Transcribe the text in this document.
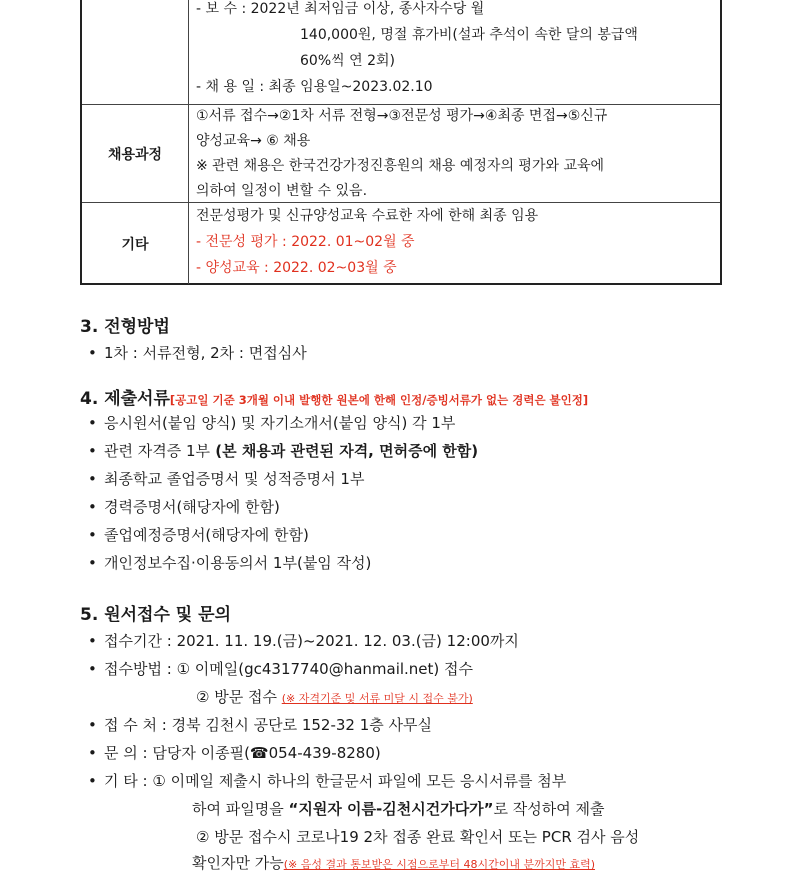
- 보 수 : 2022년 최저임금 이상, 종사자수당 월
140,000원, 명절 휴가비(설과 추석이 속한 달의 봉급액
60%씩 연 2회)
- 채 용 일 : 최종 임용일~2023.02.10
채용과정
①서류 접수→②1차 서류 전형→③전문성 평가→④최종 면접→⑤신규
양성교육→ ⑥ 채용
※ 관련 채용은 한국건강가정진흥원의 채용 예정자의 평가와 교육에
의하여 일정이 변할 수 있음.
기타
전문성평가 및 신규양성교육 수료한 자에 한해 최종 임용
- 전문성 평가 : 2022. 01~02월 중
- 양성교육 : 2022. 02~03월 중
3. 전형방법
• 1차 : 서류전형, 2차 : 면접심사
4. 제출서류[공고일 기준 3개월 이내 발행한 원본에 한해 인정/증빙서류가 없는 경력은 불인정]
• 응시원서(붙임 양식) 및 자기소개서(붙임 양식) 각 1부
• 관련 자격증 1부 (본 채용과 관련된 자격, 면허증에 한함)
• 최종학교 졸업증명서 및 성적증명서 1부
• 경력증명서(해당자에 한함)
• 졸업예정증명서(해당자에 한함)
• 개인정보수집·이용동의서 1부(붙임 작성)
5. 원서접수 및 문의
• 접수기간 : 2021. 11. 19.(금)~2021. 12. 03.(금) 12:00까지
• 접수방법 : ① 이메일(gc4317740@hanmail.net) 접수
② 방문 접수 (※ 자격기준 및 서류 미달 시 접수 불가)
• 접 수 처 : 경북 김천시 공단로 152-32 1층 사무실
• 문 의 : 담당자 이종필(☎054-439-8280)
• 기 타 : ① 이메일 제출시 하나의 한글문서 파일에 모든 응시서류를 첨부
하여 파일명을 “지원자 이름-김천시건가다가”로 작성하여 제출
② 방문 접수시 코로나19 2차 접종 완료 확인서 또는 PCR 검사 음성
확인자만 가능(※ 음성 결과 통보받은 시점으로부터 48시간이내 분까지만 효력)
